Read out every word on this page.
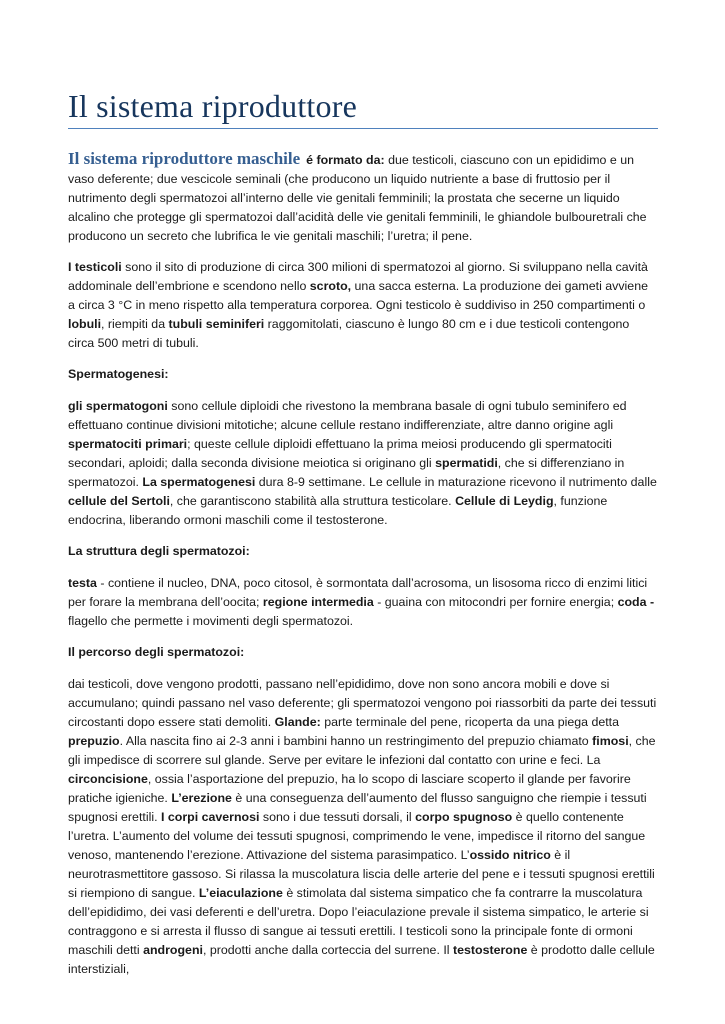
Il sistema riproduttore

Il sistema riproduttore maschile é formato da: due testicoli, ciascuno con un epididimo e un vaso deferente; due vescicole seminali (che producono un liquido nutriente a base di fruttosio per il nutrimento degli spermatozoi all’interno delle vie genitali femminili; la prostata che secerne un liquido alcalino che protegge gli spermatozoi dall’acidità delle vie genitali femminili, le ghiandole bulbouretrali che producono un secreto che lubrifica le vie genitali maschili; l’uretra; il pene.

I testicoli sono il sito di produzione di circa 300 milioni di spermatozoi al giorno. Si sviluppano nella cavità addominale dell’embrione e scendono nello scroto, una sacca esterna. La produzione dei gameti avviene a circa 3 °C in meno rispetto alla temperatura corporea. Ogni testicolo è suddiviso in 250 compartimenti o lobuli, riempiti da tubuli seminiferi raggomitolati, ciascuno è lungo 80 cm e i due testicoli contengono circa 500 metri di tubuli.

Spermatogenesi:

gli spermatogoni sono cellule diploidi che rivestono la membrana basale di ogni tubulo seminifero ed effettuano continue divisioni mitotiche; alcune cellule restano indifferenziate, altre danno origine agli spermatociti primari; queste cellule diploidi effettuano la prima meiosi producendo gli spermatociti secondari, aploidi; dalla seconda divisione meiotica si originano gli spermatidi, che si differenziano in spermatozoi. La spermatogenesi dura 8-9 settimane. Le cellule in maturazione ricevono il nutrimento dalle cellule del Sertoli, che garantiscono stabilità alla struttura testicolare. Cellule di Leydig, funzione endocrina, liberando ormoni maschili come il testosterone.

La struttura degli spermatozoi:

testa - contiene il nucleo, DNA, poco citosol, è sormontata dall’acrosoma, un lisosoma ricco di enzimi litici per forare la membrana dell’oocita; regione intermedia - guaina con mitocondri per fornire energia; coda - flagello che permette i movimenti degli spermatozoi.

Il percorso degli spermatozoi:

dai testicoli, dove vengono prodotti, passano nell’epididimo, dove non sono ancora mobili e dove si accumulano; quindi passano nel vaso deferente; gli spermatozoi vengono poi riassorbiti da parte dei tessuti circostanti dopo essere stati demoliti. Glande: parte terminale del pene, ricoperta da una piega detta prepuzio. Alla nascita fino ai 2-3 anni i bambini hanno un restringimento del prepuzio chiamato fimosi, che gli impedisce di scorrere sul glande. Serve per evitare le infezioni dal contatto con urine e feci. La circoncisione, ossia l’asportazione del prepuzio, ha lo scopo di lasciare scoperto il glande per favorire pratiche igieniche. L’erezione è una conseguenza dell’aumento del flusso sanguigno che riempie i tessuti spugnosi erettili. I corpi cavernosi sono i due tessuti dorsali, il corpo spugnoso è quello contenente l’uretra. L’aumento del volume dei tessuti spugnosi, comprimendo le vene, impedisce il ritorno del sangue venoso, mantenendo l’erezione. Attivazione del sistema parasimpatico. L’ossido nitrico è il neurotrasmettitore gassoso. Si rilassa la muscolatura liscia delle arterie del pene e i tessuti spugnosi erettili si riempiono di sangue. L’eiaculazione è stimolata dal sistema simpatico che fa contrarre la muscolatura dell’epididimo, dei vasi deferenti e dell’uretra. Dopo l’eiaculazione prevale il sistema simpatico, le arterie si contraggono e si arresta il flusso di sangue ai tessuti erettili. I testicoli sono la principale fonte di ormoni maschili detti androgeni, prodotti anche dalla corteccia del surrene. Il testosterone è prodotto dalle cellule interstiziali,
